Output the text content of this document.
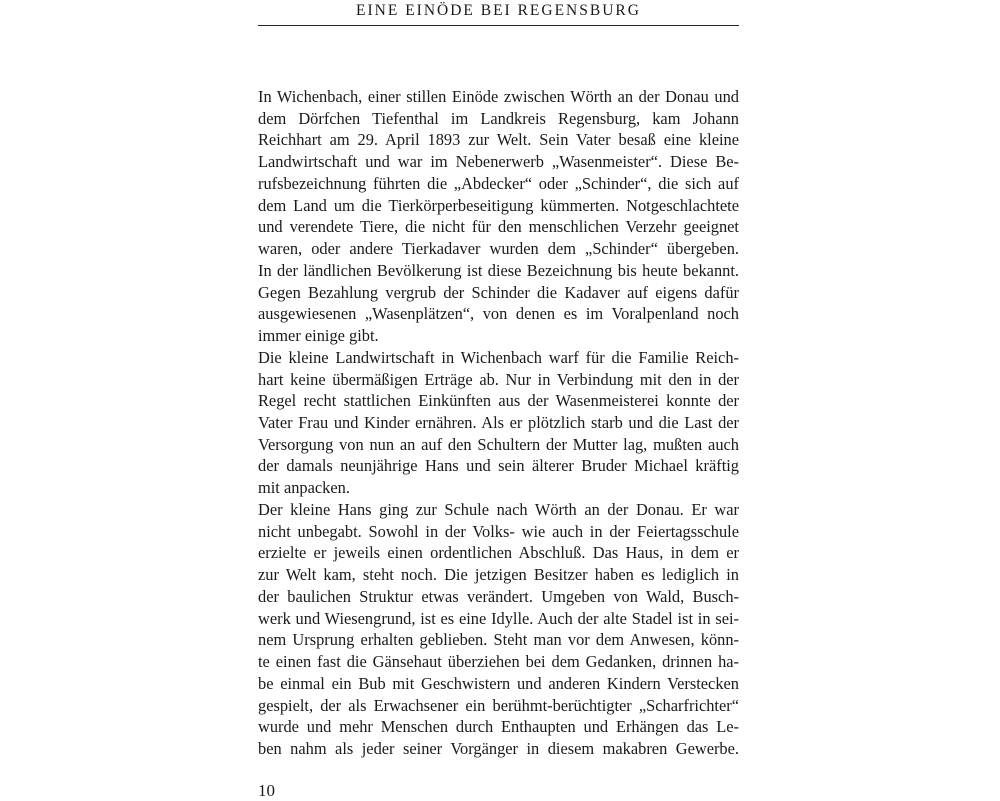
EINE EINÖDE BEI REGENSBURG
In Wichenbach, einer stillen Einöde zwischen Wörth an der Donau und
dem Dörfchen Tiefenthal im Landkreis Regensburg, kam Johann
Reichhart am 29. April 1893 zur Welt. Sein Vater besaß eine kleine
Landwirtschaft und war im Nebenerwerb „Wasenmeister“. Diese Be-
rufsbezeichnung führten die „Abdecker“ oder „Schinder“, die sich auf
dem Land um die Tierkörperbeseitigung kümmerten. Notgeschlachtete
und verendete Tiere, die nicht für den menschlichen Verzehr geeignet
waren, oder andere Tierkadaver wurden dem „Schinder“ übergeben.
In der ländlichen Bevölkerung ist diese Bezeichnung bis heute bekannt.
Gegen Bezahlung vergrub der Schinder die Kadaver auf eigens dafür
ausgewiesenen „Wasenplätzen“, von denen es im Voralpenland noch
immer einige gibt.
Die kleine Landwirtschaft in Wichenbach warf für die Familie Reich-
hart keine übermäßigen Erträge ab. Nur in Verbindung mit den in der
Regel recht stattlichen Einkünften aus der Wasenmeisterei konnte der
Vater Frau und Kinder ernähren. Als er plötzlich starb und die Last der
Versorgung von nun an auf den Schultern der Mutter lag, mußten auch
der damals neunjährige Hans und sein älterer Bruder Michael kräftig
mit anpacken.
Der kleine Hans ging zur Schule nach Wörth an der Donau. Er war
nicht unbegabt. Sowohl in der Volks- wie auch in der Feiertagsschule
erzielte er jeweils einen ordentlichen Abschluß. Das Haus, in dem er
zur Welt kam, steht noch. Die jetzigen Besitzer haben es lediglich in
der baulichen Struktur etwas verändert. Umgeben von Wald, Busch-
werk und Wiesengrund, ist es eine Idylle. Auch der alte Stadel ist in sei-
nem Ursprung erhalten geblieben. Steht man vor dem Anwesen, könn-
te einen fast die Gänsehaut überziehen bei dem Gedanken, drinnen ha-
be einmal ein Bub mit Geschwistern und anderen Kindern Verstecken
gespielt, der als Erwachsener ein berühmt-berüchtigter „Scharfrichter“
wurde und mehr Menschen durch Enthaupten und Erhängen das Le-
ben nahm als jeder seiner Vorgänger in diesem makabren Gewerbe.
10
